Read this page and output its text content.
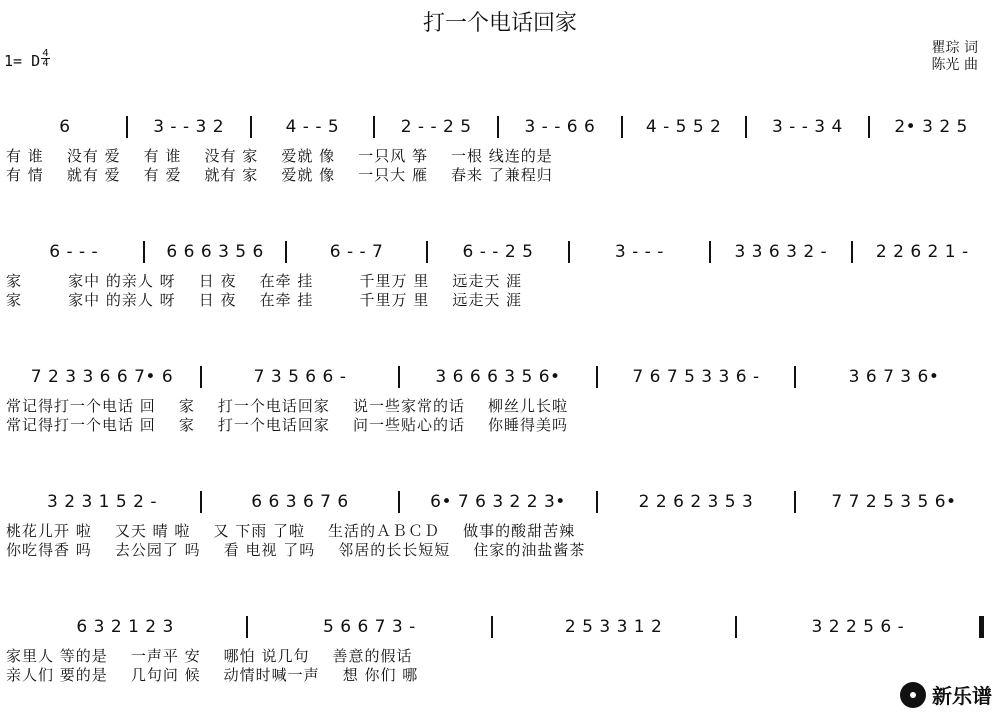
打一个电话回家
1= D 4
4
瞿琮 词
陈光 曲
6	3 - - 3 2	4 - - 5	2 - - 2 5	3 - - 6 6	4 - 5 5 2	3 - - 3 4	2• 3 2 5
有 谁    没有 爱    有 谁    没有 家    爱就 像    一只风 筝    一根 线连的是
有 情    就有 爱    有 爱    就有 家    爱就 像    一只大 雁    春来 了兼程归
6 - - -	6 6 6 3 5 6	6 - - 7	6 - - 2 5	3 - - -	3 3 6 3 2 -	2 2 6 2 1 -
家        家中 的亲人 呀    日 夜    在牵 挂        千里万 里    远走天 涯
家        家中 的亲人 呀    日 夜    在牵 挂        千里万 里    远走天 涯
7 2 3 3 6 6 7• 6	7 3 5 6 6 -	3 6 6 6 3 5 6•	7 6 7 5 3 3 6 -	3 6 7 3 6•
常记得打一个电话 回    家    打一个电话回家    说一些家常的话    柳丝儿长啦
常记得打一个电话 回    家    打一个电话回家    问一些贴心的话    你睡得美吗
3 2 3 1 5 2 -	6 6 3 6 7 6	6• 7 6 3 2 2 3•	2 2 6 2 3 5 3	7 7 2 5 3 5 6•
桃花儿开 啦    又天 晴 啦    又 下雨 了啦    生活的ＡＢＣＤ    做事的酸甜苦辣
你吃得香 吗    去公园了 吗    看 电视 了吗    邻居的长长短短    住家的油盐酱茶
6 3 2 1 2 3	5 6 6 7 3 -	2 5 3 3 1 2	3 2 2 5 6 -
家里人 等的是    一声平 安    哪怕 说几句    善意的假话
亲人们 要的是    几句问 候    动情时喊一声    想 你们 哪
新乐谱
